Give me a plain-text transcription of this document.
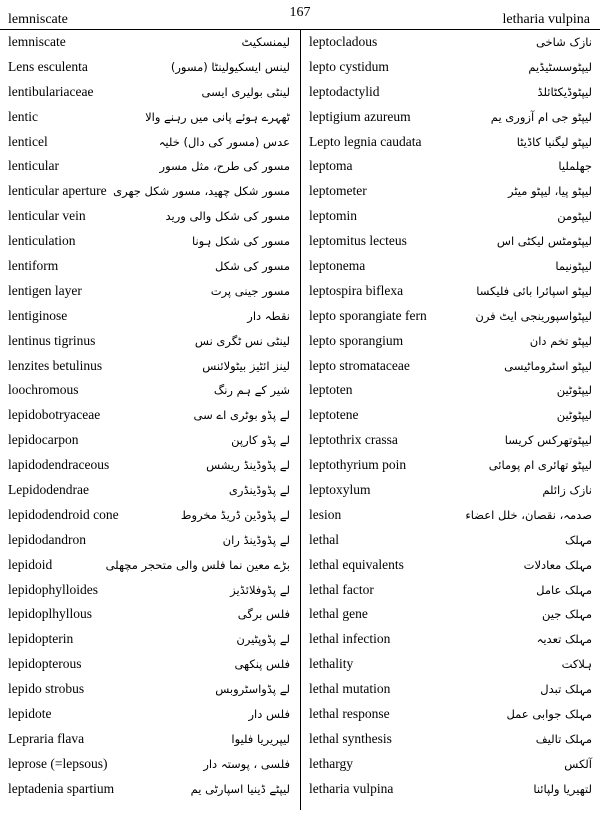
lemniscate	167	letharia vulpina
lemniscate	لیمنسکیٹ
Lens esculenta	لینس ایسکیولینٹا (مسور)
lentibulariaceae	لینٹی بولیری ایسی
lentic	ٹھہرے ہوئے پانی میں رہنے والا
lenticel	عدس (مسور کی دال) خلیہ
lenticular	مسور کی طرح، مثل مسور
lenticular aperture مسور شکل چھید، مسور شکل جھری
lenticular vein	مسور کی شکل والی ورید
lenticulation	مسور کی شکل ہونا
lentiform	مسور کی شکل
lentigen layer	مسور جینی پرت
lentiginose	نقطہ دار
lentinus tigrinus	لینٹی نس ٹگری نس
lenzites betulinus	لینز ائٹیز بیٹولائنس
loochromous	شیر کے ہم رنگ
lepidobotryaceae	لے پڈو بوٹری اے سی
lepidocarpon	لے پڈو کارپن
lapidodendraceous	لے پڈوڈینڈ ریشس
Lepidodendrae	لے پڈوڈینڈری
lepidodendroid cone	لے پڈوڈین ڈریڈ مخروط
lepidodandron	لے پڈوڈینڈ ران
lepidoid	بڑے معین نما فلس والی متحجر مچھلی
lepidophylloides	لے پڈوفلائڈیز
lepidoplhyllous	فلس برگی
lepidopterin	لے پڈوپٹیرن
lepidopterous	فلس پنکھی
lepido strobus	لے پڈواسٹروبس
lepidote	فلس دار
Lepraria flava	لیپریریا فلیوا
leprose (=lepsous)	فلسی ، پوستہ دار
leptadenia spartium	لیپٹے ڈینیا اسپارٹی یم
leptocladous	نازک شاخی
lepto cystidum	لیپٹوسسٹیڈیم
leptodactylid	لیپٹوڈیکٹائلڈ
leptigium azureum	لیپٹو جی ام آزوری یم
Lepto legnia caudata	لیپٹو لیگنیا کاڈیٹا
leptoma	جھلملیا
leptometer	لیپٹو پیا، لیپٹو میٹر
leptomin	لیپٹومن
leptomitus lecteus	لیپٹومٹس لیکٹی اس
leptonema	لیپٹونیما
leptospira biflexa	لیپٹو اسپائرا بائی فلیکسا
lepto sporangiate fern	لیپٹواسپورینجی ایٹ فرن
lepto sporangium	لیپٹو تخم دان
lepto stromataceae	لیپٹو اسٹروماٹیسی
leptoten	لیپٹوٹین
leptotene	لیپٹوٹین
leptothrix crassa	لیپٹوتھرکس کریسا
leptothyrium poin	لیپٹو تھائری ام پومائی
leptoxylum	نازک زائلم
lesion	صدمہ، نقصان، خلل اعضاء
lethal	مہلک
lethal equivalents	مہلک معادلات
lethal factor	مہلک عامل
lethal gene	مہلک جین
lethal infection	مہلک تعدیہ
lethality	ہلاکت
lethal mutation	مہلک تبدل
lethal response	مہلک جوابی عمل
lethal synthesis	مہلک تالیف
lethargy	آلکس
letharia vulpina	لتھیریا ولپائنا
